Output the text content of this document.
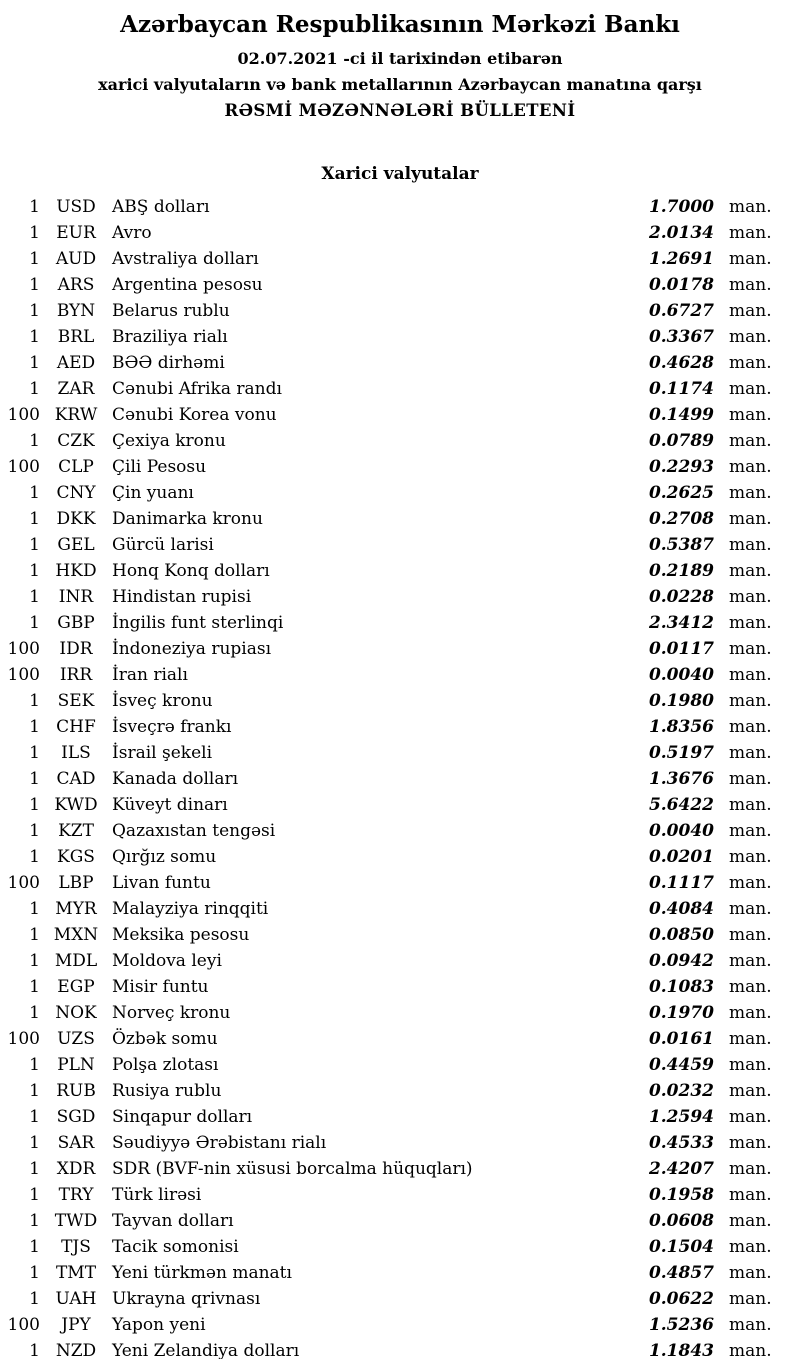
Azərbaycan Respublikasının Mərkəzi Bankı

02.07.2021 -ci il tarixindən etibarən

xarici valyutaların və bank metallarının Azərbaycan manatına qarşı

RƏSMİ MƏZƏNNƏLƏRİ BÜLLETENİ

Xarici valyutalar
1 USD ABŞ dolları	1.7000 man.
1 EUR Avro	2.0134 man.
1 AUD Avstraliya dolları	1.2691 man.
1	ARS	Argentina pesosu	0.0178 man.
1 BYN Belarus rublu	0.6727 man.
1	BRL	Braziliya rialı	0.3367 man.
1 AED BƏƏ dirhəmi	0.4628 man.
1	ZAR	Cənubi Afrika randı	0.1174 man.
100 KRW Cənubi Korea vonu	0.1499 man.
1	CZK	Çexiya kronu	0.0789 man.
100	CLP	Çili Pesosu	0.2293 man.
1 CNY Çin yuanı	0.2625 man.
1 DKK Danimarka kronu	0.2708 man.
1	GEL	Gürcü larisi	0.5387 man.
1 HKD Honq Konq dolları	0.2189 man.
1	INR	Hindistan rupisi	0.0228 man.
1	GBP	İngilis funt sterlinqi	2.3412 man.
100	IDR	İndoneziya rupiası	0.0117 man.
100	IRR	İran rialı	0.0040 man.
1	SEK	İsveç kronu	0.1980 man.
1 CHF İsveçrə frankı	1.8356 man.
1	ILS	İsrail şekeli	0.5197 man.
1 CAD Kanada dolları	1.3676 man.
1 KWD Küveyt dinarı	5.6422 man.
1	KZT	Qazaxıstan tengəsi	0.0040 man.
1	KGS	Qırğız somu	0.0201 man.
100	LBP	Livan funtu	0.1117 man.
1 MYR Malayziya rinqqiti	0.4084 man.
1 MXN Meksika pesosu	0.0850 man.
1 MDL Moldova leyi	0.0942 man.
1	EGP	Misir funtu	0.1083 man.
1 NOK Norveç kronu	0.1970 man.
100	UZS	Özbək somu	0.0161 man.
1	PLN	Polşa zlotası	0.4459 man.
1 RUB Rusiya rublu	0.0232 man.
1 SGD Sinqapur dolları	1.2594 man.
1	SAR	Səudiyyə Ərəbistanı rialı	0.4533 man.
1 XDR SDR (BVF-nin xüsusi borcalma hüquqları)	2.4207 man.
1	TRY	Türk lirəsi	0.1958 man.
1 TWD Tayvan dolları	0.0608 man.
1	TJS	Tacik somonisi	0.1504 man.
1 TMT Yeni türkmən manatı	0.4857 man.
1 UAH Ukrayna qrivnası	0.0622 man.
100	JPY	Yapon yeni	1.5236 man.
1 NZD Yeni Zelandiya dolları	1.1843 man.
